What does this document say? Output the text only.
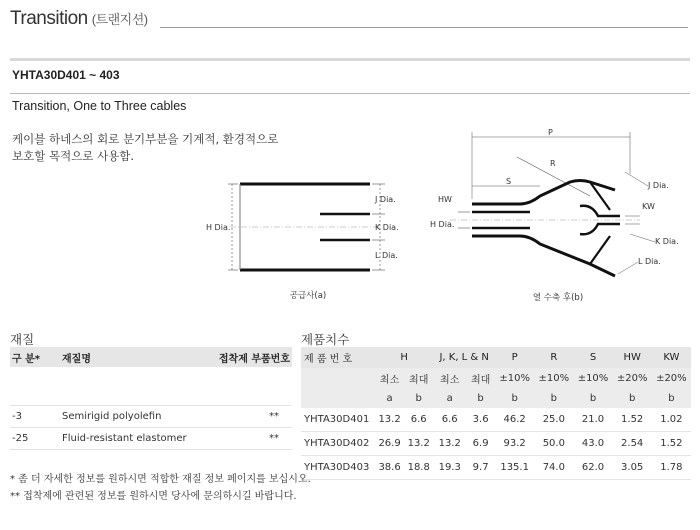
Transition (트랜지션)
YHTA30D401 ~ 403
Transition, One to Three cables
케이블 하네스의 회로 분기부분을 기계적, 환경적으로
보호할 목적으로 사용함.
J Dia.
K Dia.
L Dia.
H Dia.
공급사(a)
P
R
S
HW
H Dia.
J Dia.
KW
K Dia.
L Dia.
열 수축 후(b)
재질	제품치수
구 분*	재질명	접착제 부품번호

-3	Semirigid polyolefin	**
-25	Fluid-resistant elastomer	**
제 품 번 호	H		J, K, L & N		P	R	S	HW	KW
	최소	최대	최소	최대	±10%	±10%	±10%	±20%	±20%
	a	b	a	b	b	b	b	b	b
YHTA30D401	13.2	6.6	6.6	3.6	46.2	25.0	21.0	1.52	1.02
YHTA30D402	26.9	13.2	13.2	6.9	93.2	50.0	43.0	2.54	1.52
YHTA30D403	38.6	18.8	19.3	9.7	135.1	74.0	62.0	3.05	1.78
* 좀 더 자세한 정보를 원하시면 적합한 재질 정보 페이지를 보십시오.
** 접착제에 관련된 정보를 원하시면 당사에 문의하시길 바랍니다.
